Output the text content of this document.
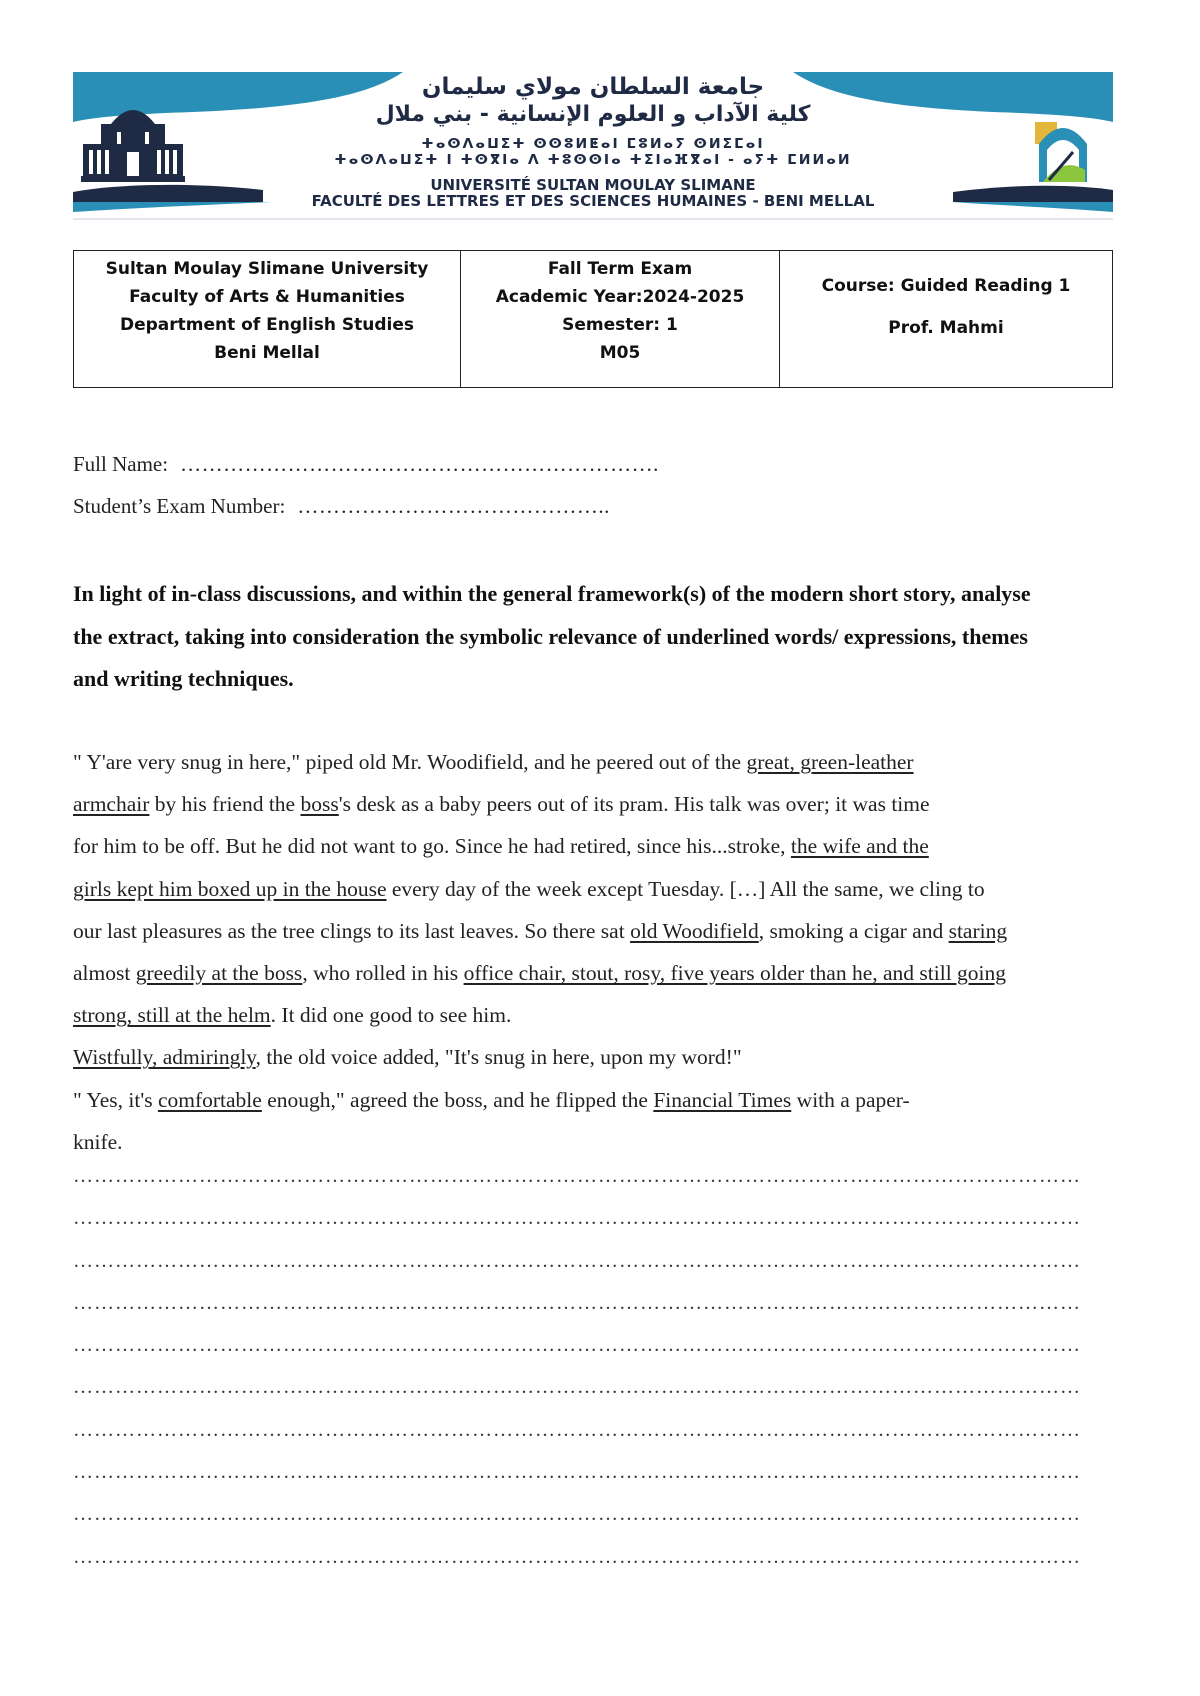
جامعة السلطان مولاي سليمان
كلية الآداب و العلوم الإنسانية - بني ملال
ⵜⴰⵙⴷⴰⵡⵉⵜ ⵙⵙⵓⵍⵟⴰⵏ ⵎⵓⵍⴰⵢ ⵙⵍⵉⵎⴰⵏ
ⵜⴰⵙⴷⴰⵡⵉⵜ ⵏ ⵜⵙⴳⵏⴰ ⴷ ⵜⵓⵙⵙⵏⴰ ⵜⵉⵏⴰⴼⴳⴰⵏ - ⴰⵢⵜ ⵎⵍⵍⴰⵍ
UNIVERSITÉ SULTAN MOULAY SLIMANE
FACULTÉ DES LETTRES ET DES SCIENCES HUMAINES - BENI MELLAL
Sultan Moulay Slimane University
Faculty of Arts & Humanities
Department of English Studies
Beni Mellal
Fall Term Exam
Academic Year:2024-2025
Semester: 1
M05
Course: Guided Reading 1
Prof. Mahmi
Full Name: ………………………………………………………….
Student’s Exam Number: ……………………………………..
In light of in-class discussions, and within the general framework(s) of the modern short story, analyse
the extract, taking into consideration the symbolic relevance of underlined words/ expressions, themes
and writing techniques.
" Y'are very snug in here," piped old Mr. Woodifield, and he peered out of the great, green-leather
armchair by his friend the boss's desk as a baby peers out of its pram. His talk was over; it was time
for him to be off. But he did not want to go. Since he had retired, since his...stroke, the wife and the
girls kept him boxed up in the house every day of the week except Tuesday. […] All the same, we cling to
our last pleasures as the tree clings to its last leaves. So there sat old Woodifield, smoking a cigar and staring
almost greedily at the boss, who rolled in his office chair, stout, rosy, five years older than he, and still going
strong, still at the helm. It did one good to see him.
Wistfully, admiringly, the old voice added, "It's snug in here, upon my word!"
" Yes, it's comfortable enough," agreed the boss, and he flipped the Financial Times with a paper-
knife.
………………………………………………………………………………………………………………………………
………………………………………………………………………………………………………………………………
………………………………………………………………………………………………………………………………
………………………………………………………………………………………………………………………………
………………………………………………………………………………………………………………………………
………………………………………………………………………………………………………………………………
………………………………………………………………………………………………………………………………
………………………………………………………………………………………………………………………………
………………………………………………………………………………………………………………………………
………………………………………………………………………………………………………………………………
